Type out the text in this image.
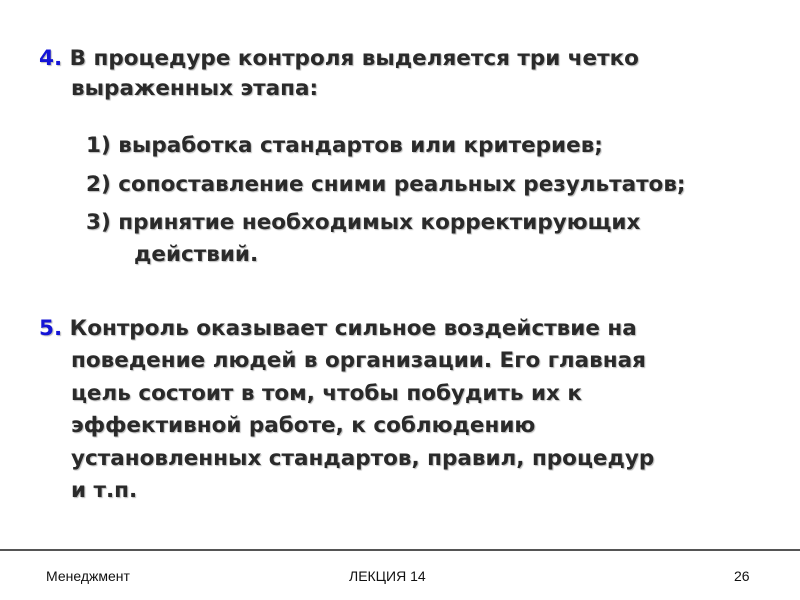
4. В процедуре контроля выделяется три четко
выраженных этапа:
1) выработка стандартов или критериев;
2) сопоставление сними реальных результатов;
3) принятие необходимых корректирующих
действий.
5. Контроль оказывает сильное воздействие на
поведение людей в организации. Его главная
цель состоит в том, чтобы побудить их к
эффективной работе, к соблюдению
установленных стандартов, правил, процедур
и т.п.
Менеджмент	ЛЕКЦИЯ 14	26
